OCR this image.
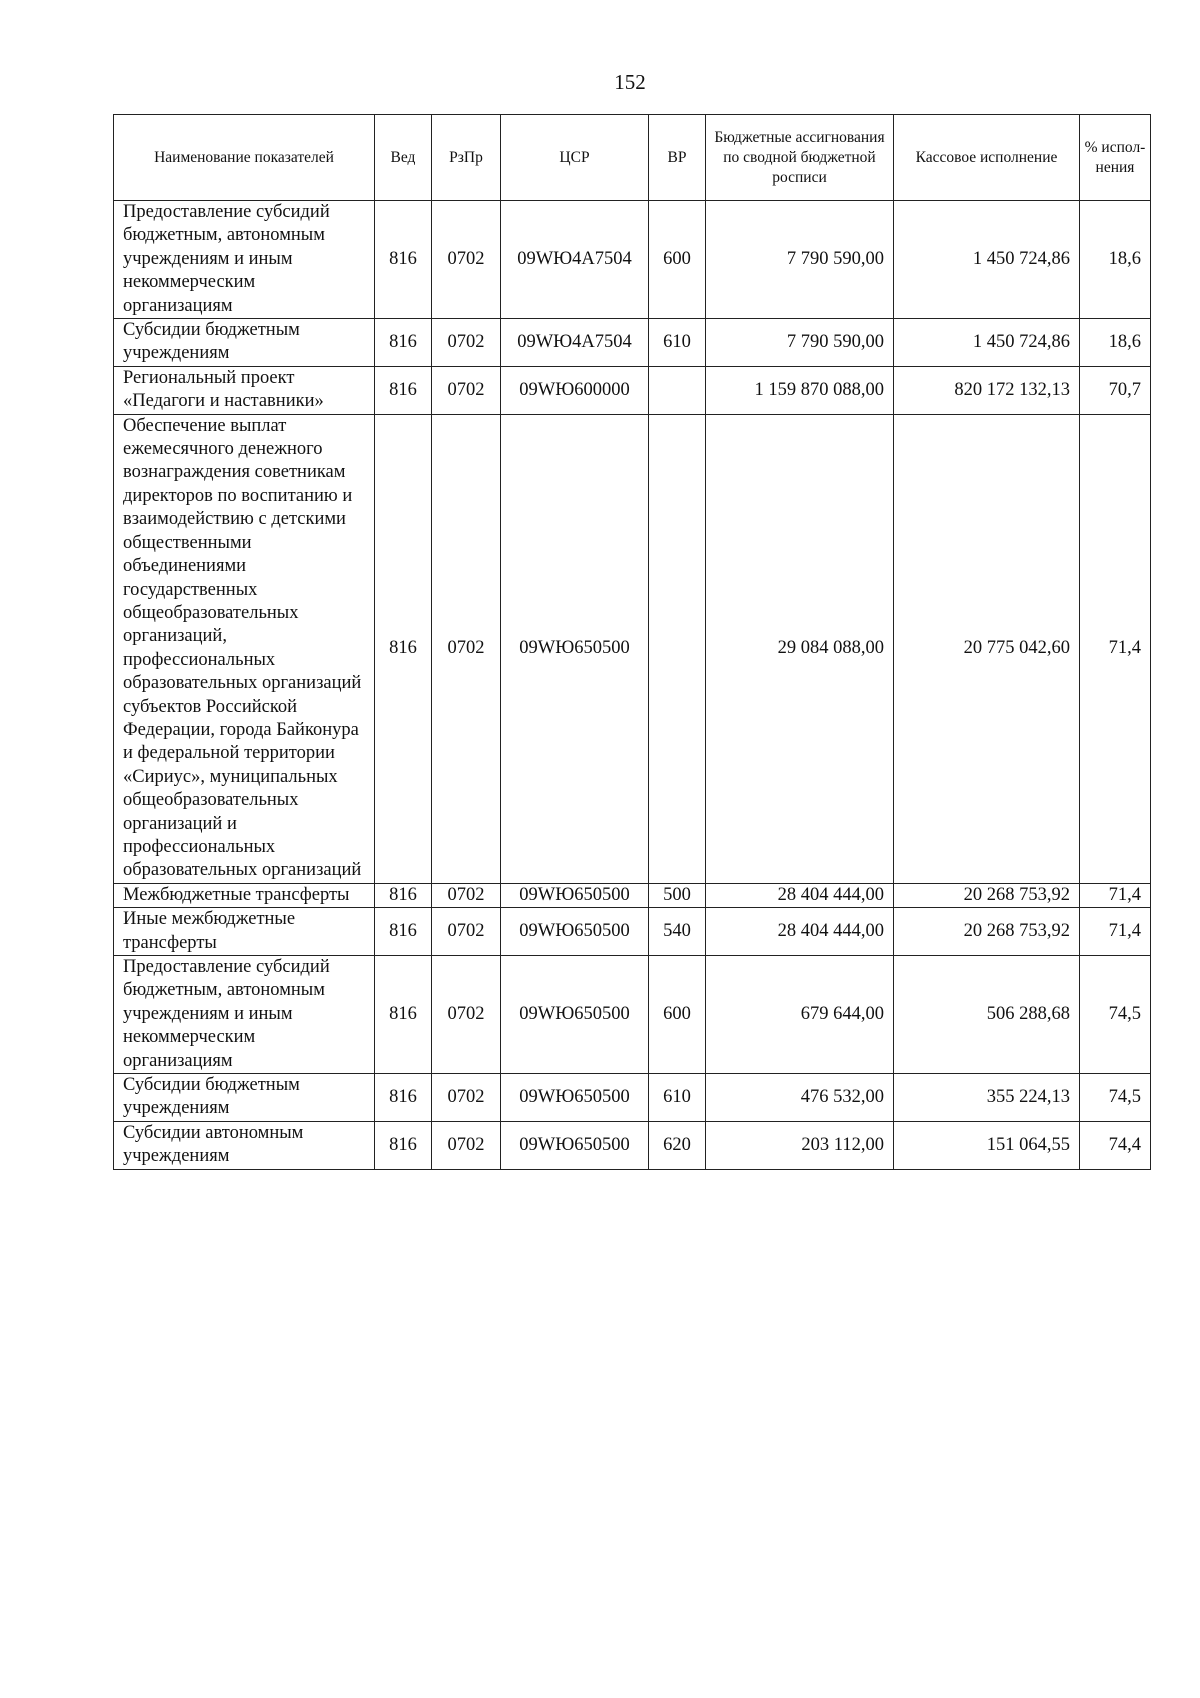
152
Наименование показателей	Вед	РзПр	ЦСР	ВР	Бюджетные ассигнования по сводной бюджетной росписи	Кассовое исполнение	% испол-нения
Предоставление субсидий бюджетным, автономным учреждениям и иным некоммерческим организациям	816	0702	09WЮ4А7504	600	7 790 590,00	1 450 724,86	18,6
Субсидии бюджетным учреждениям	816	0702	09WЮ4А7504	610	7 790 590,00	1 450 724,86	18,6
Региональный проект «Педагоги и наставники»	816	0702	09WЮ600000		1 159 870 088,00	820 172 132,13	70,7
Обеспечение выплат ежемесячного денежного вознаграждения советникам директоров по воспитанию и взаимодействию с детскими общественными объединениями государственных общеобразовательных организаций, профессиональных образовательных организаций субъектов Российской Федерации, города Байконура и федеральной территории «Сириус», муниципальных общеобразовательных организаций и профессиональных образовательных организаций	816	0702	09WЮ650500		29 084 088,00	20 775 042,60	71,4
Межбюджетные трансферты	816	0702	09WЮ650500	500	28 404 444,00	20 268 753,92	71,4
Иные межбюджетные трансферты	816	0702	09WЮ650500	540	28 404 444,00	20 268 753,92	71,4
Предоставление субсидий бюджетным, автономным учреждениям и иным некоммерческим организациям	816	0702	09WЮ650500	600	679 644,00	506 288,68	74,5
Субсидии бюджетным учреждениям	816	0702	09WЮ650500	610	476 532,00	355 224,13	74,5
Субсидии автономным учреждениям	816	0702	09WЮ650500	620	203 112,00	151 064,55	74,4
